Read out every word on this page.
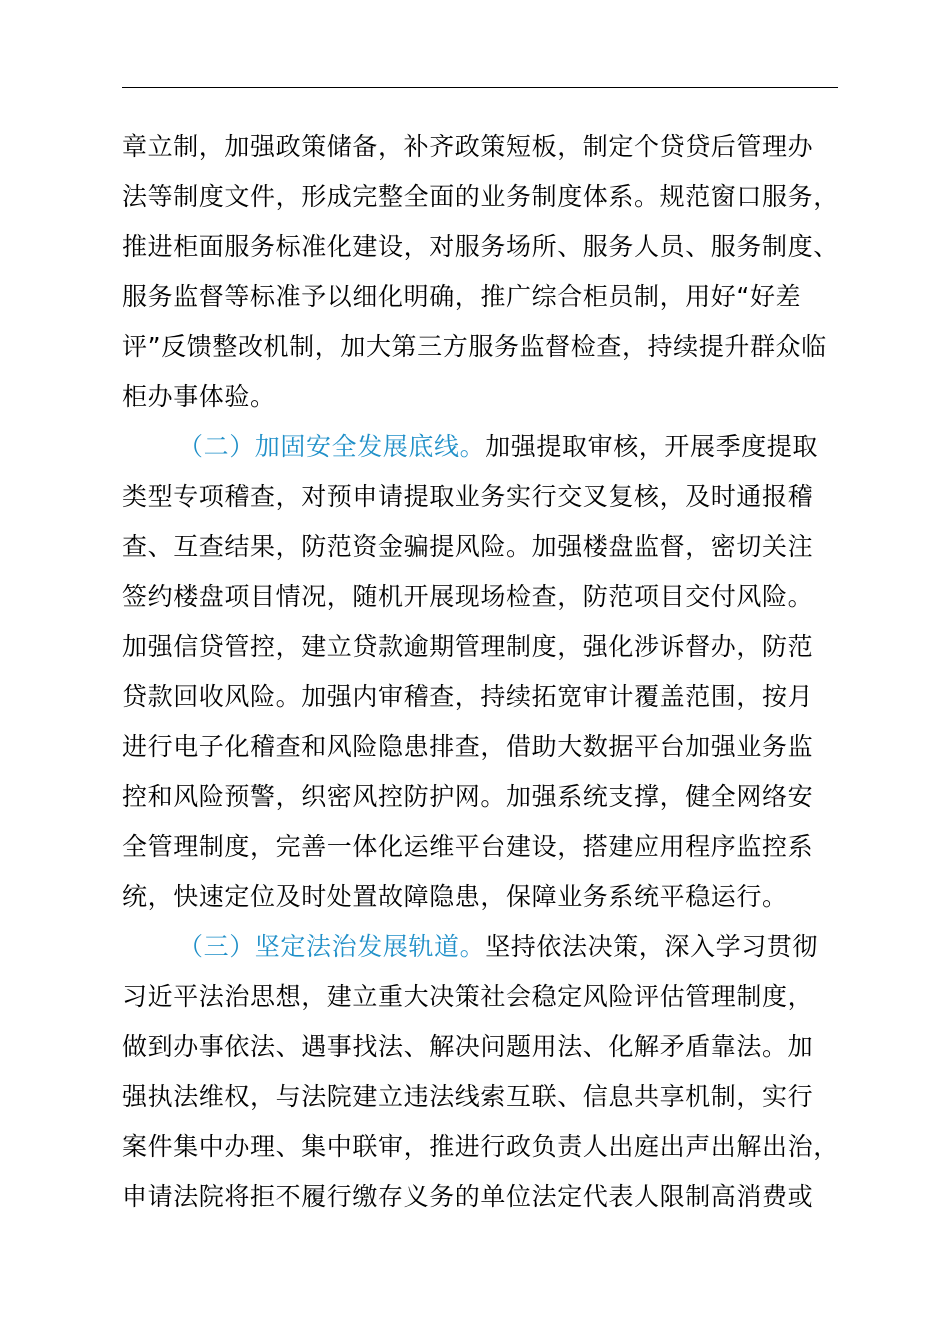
章立制，加强政策储备，补齐政策短板，制定个贷贷后管理办
法等制度文件，形成完整全面的业务制度体系。规范窗口服务，
推进柜面服务标准化建设，对服务场所、服务人员、服务制度、
服务监督等标准予以细化明确，推广综合柜员制，用好“好差
评”反馈整改机制，加大第三方服务监督检查，持续提升群众临
柜办事体验。
（二）加固安全发展底线。加强提取审核，开展季度提取
类型专项稽查，对预申请提取业务实行交叉复核，及时通报稽
查、互查结果，防范资金骗提风险。加强楼盘监督，密切关注
签约楼盘项目情况，随机开展现场检查，防范项目交付风险。
加强信贷管控，建立贷款逾期管理制度，强化涉诉督办，防范
贷款回收风险。加强内审稽查，持续拓宽审计覆盖范围，按月
进行电子化稽查和风险隐患排查，借助大数据平台加强业务监
控和风险预警，织密风控防护网。加强系统支撑，健全网络安
全管理制度，完善一体化运维平台建设，搭建应用程序监控系
统，快速定位及时处置故障隐患，保障业务系统平稳运行。
（三）坚定法治发展轨道。坚持依法决策，深入学习贯彻
习近平法治思想，建立重大决策社会稳定风险评估管理制度，
做到办事依法、遇事找法、解决问题用法、化解矛盾靠法。加
强执法维权，与法院建立违法线索互联、信息共享机制，实行
案件集中办理、集中联审，推进行政负责人出庭出声出解出治，
申请法院将拒不履行缴存义务的单位法定代表人限制高消费或
